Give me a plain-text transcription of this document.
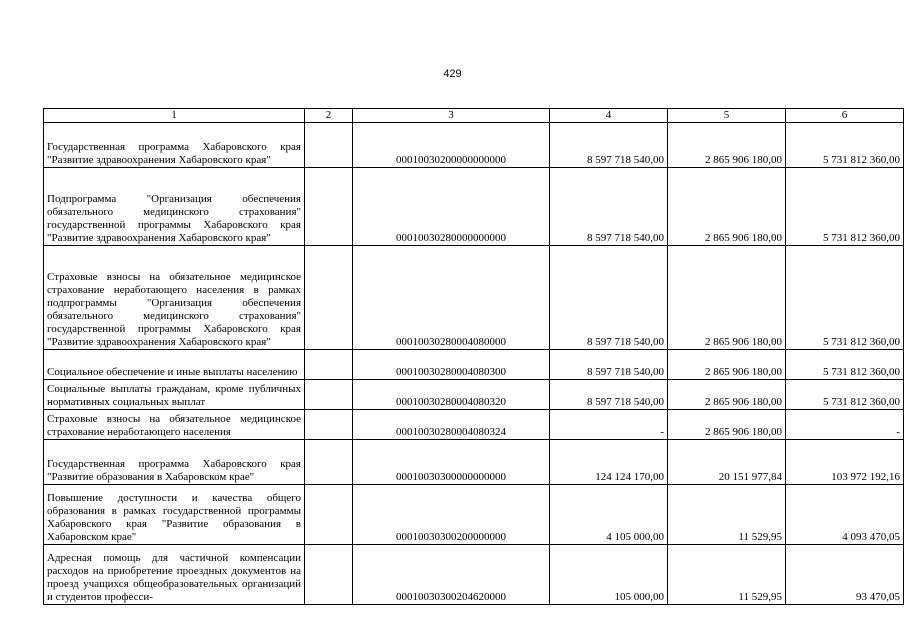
429
1	2	3	4	5	6
Государственная программа Хабаровского края "Развитие здравоохранения Хабаровского края"		00010030200000000000	8 597 718 540,00	2 865 906 180,00	5 731 812 360,00
Подпрограмма "Организация обеспечения обязательного медицинского страхования" государственной программы Хабаровского края "Развитие здравоохранения Хабаровского края"		00010030280000000000	8 597 718 540,00	2 865 906 180,00	5 731 812 360,00
Страховые взносы на обязательное медицинское страхование неработающего населения в рамках подпрограммы "Организация обеспечения обязательного медицинского страхования" государственной программы Хабаровского края "Развитие здравоохранения Хабаровского края"		00010030280004080000	8 597 718 540,00	2 865 906 180,00	5 731 812 360,00
Социальное обеспечение и иные выплаты населению		00010030280004080300	8 597 718 540,00	2 865 906 180,00	5 731 812 360,00
Социальные выплаты гражданам, кроме публичных нормативных социальных выплат		00010030280004080320	8 597 718 540,00	2 865 906 180,00	5 731 812 360,00
Страховые взносы на обязательное медицинское страхование неработающего населения		00010030280004080324	-	2 865 906 180,00	-
Государственная программа Хабаровского края "Развитие образования в Хабаровском крае"		00010030300000000000	124 124 170,00	20 151 977,84	103 972 192,16
Повышение доступности и качества общего образования в рамках государственной программы Хабаровского края "Развитие образования в Хабаровском крае"		00010030300200000000	4 105 000,00	11 529,95	4 093 470,05
Адресная помощь для частичной компенсации расходов на приобретение проездных документов на проезд учащихся общеобразовательных организаций и студентов професси-		00010030300204620000	105 000,00	11 529,95	93 470,05
